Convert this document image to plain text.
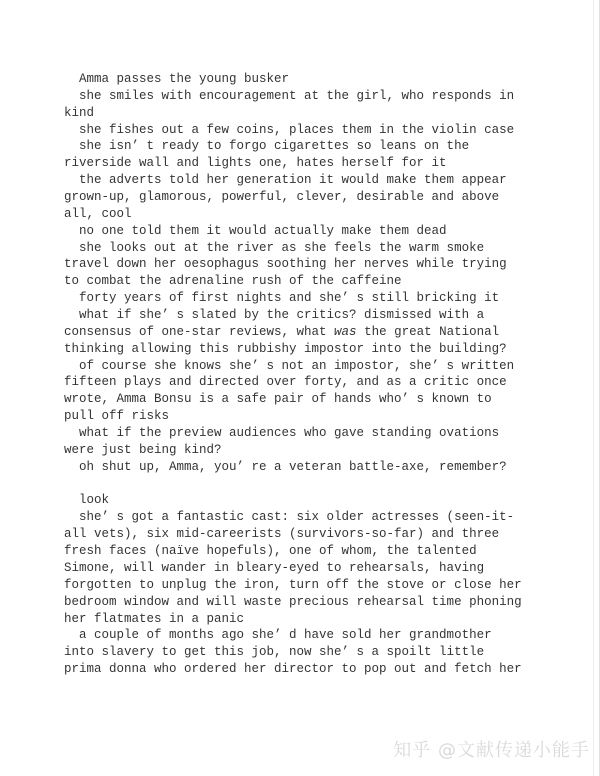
Amma passes the young busker
she smiles with encouragement at the girl, who responds in
kind
she fishes out a few coins, places them in the violin case
she isn’ t ready to forgo cigarettes so leans on the
riverside wall and lights one, hates herself for it
the adverts told her generation it would make them appear
grown-up, glamorous, powerful, clever, desirable and above
all, cool
no one told them it would actually make them dead
she looks out at the river as she feels the warm smoke
travel down her oesophagus soothing her nerves while trying
to combat the adrenaline rush of the caffeine
forty years of first nights and she’ s still bricking it
what if she’ s slated by the critics? dismissed with a
consensus of one-star reviews, what was the great National
thinking allowing this rubbishy impostor into the building?
of course she knows she’ s not an impostor, she’ s written
fifteen plays and directed over forty, and as a critic once
wrote, Amma Bonsu is a safe pair of hands who’ s known to
pull off risks
what if the preview audiences who gave standing ovations
were just being kind?
oh shut up, Amma, you’ re a veteran battle-axe, remember?

look
she’ s got a fantastic cast: six older actresses (seen-it-
all vets), six mid-careerists (survivors-so-far) and three
fresh faces (naïve hopefuls), one of whom, the talented
Simone, will wander in bleary-eyed to rehearsals, having
forgotten to unplug the iron, turn off the stove or close her
bedroom window and will waste precious rehearsal time phoning
her flatmates in a panic
a couple of months ago she’ d have sold her grandmother
into slavery to get this job, now she’ s a spoilt little
prima donna who ordered her director to pop out and fetch her
知乎 @文献传递小能手
